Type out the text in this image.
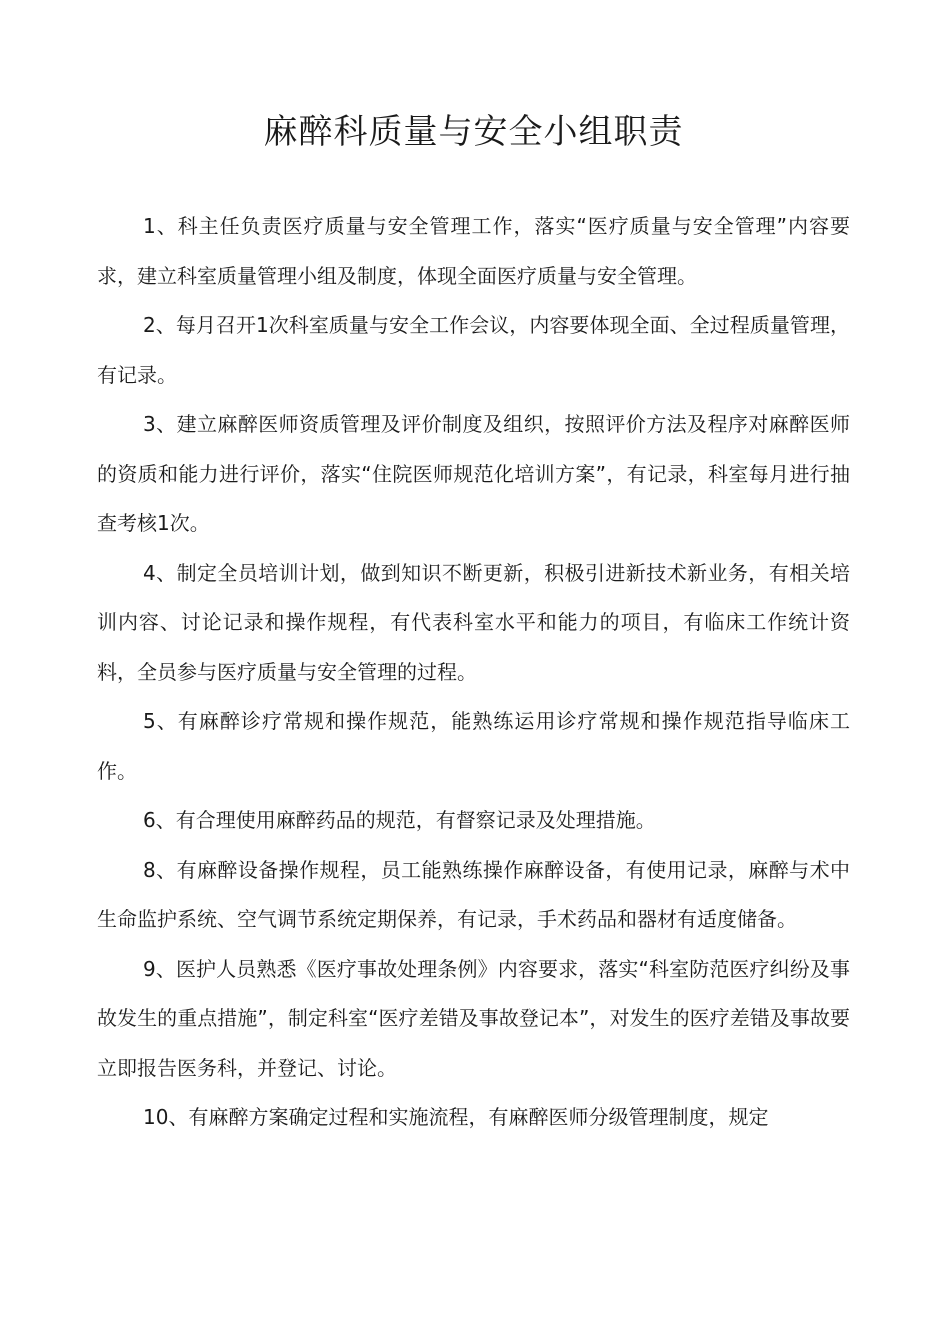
麻醉科质量与安全小组职责

1、科主任负责医疗质量与安全管理工作，落实“医疗质量与安全管理”内容要求，建立科室质量管理小组及制度，体现全面医疗质量与安全管理。

2、每月召开1次科室质量与安全工作会议，内容要体现全面、全过程质量管理，有记录。

3、建立麻醉医师资质管理及评价制度及组织，按照评价方法及程序对麻醉医师的资质和能力进行评价，落实“住院医师规范化培训方案”，有记录，科室每月进行抽查考核1次。

4、制定全员培训计划，做到知识不断更新，积极引进新技术新业务，有相关培训内容、讨论记录和操作规程，有代表科室水平和能力的项目，有临床工作统计资料，全员参与医疗质量与安全管理的过程。

5、有麻醉诊疗常规和操作规范，能熟练运用诊疗常规和操作规范指导临床工作。

6、有合理使用麻醉药品的规范，有督察记录及处理措施。

8、有麻醉设备操作规程，员工能熟练操作麻醉设备，有使用记录，麻醉与术中生命监护系统、空气调节系统定期保养，有记录，手术药品和器材有适度储备。

9、医护人员熟悉《医疗事故处理条例》内容要求，落实“科室防范医疗纠纷及事故发生的重点措施”，制定科室“医疗差错及事故登记本”，对发生的医疗差错及事故要立即报告医务科，并登记、讨论。

10、有麻醉方案确定过程和实施流程，有麻醉医师分级管理制度，规定
